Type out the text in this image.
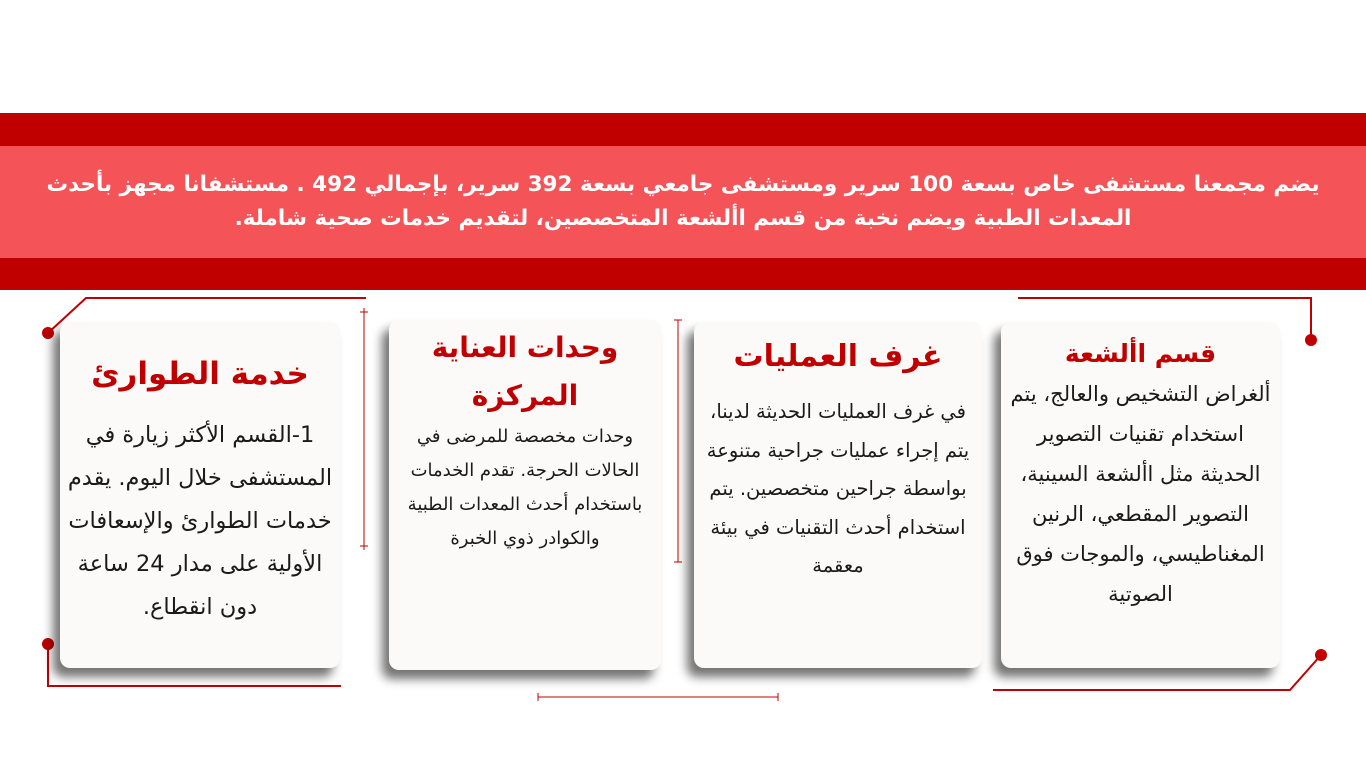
يضم مجمعنا مستشفى خاص بسعة 100 سرير ومستشفى جامعي بسعة 392 سرير، بإجمالي 492 . مستشفانا مجهز بأحدث المعدات الطبية ويضم نخبة من قسم األشعة المتخصصين، لتقديم خدمات صحية شاملة.

قسم األشعة

ألغراض التشخيص والعالج، يتم استخدام تقنيات التصوير الحديثة مثل األشعة السينية، التصوير المقطعي، الرنين المغناطيسي، والموجات فوق الصوتية

غرف العمليات

في غرف العمليات الحديثة لدينا، يتم إجراء عمليات جراحية متنوعة بواسطة جراحين متخصصين. يتم استخدام أحدث التقنيات في بيئة معقمة

وحدات العناية المركزة

وحدات مخصصة للمرضى في الحالات الحرجة. تقدم الخدمات باستخدام أحدث المعدات الطبية والكوادر ذوي الخبرة

خدمة الطوارئ

1-القسم الأكثر زيارة في المستشفى خلال اليوم. يقدم خدمات الطوارئ والإسعافات الأولية على مدار 24 ساعة دون انقطاع.
